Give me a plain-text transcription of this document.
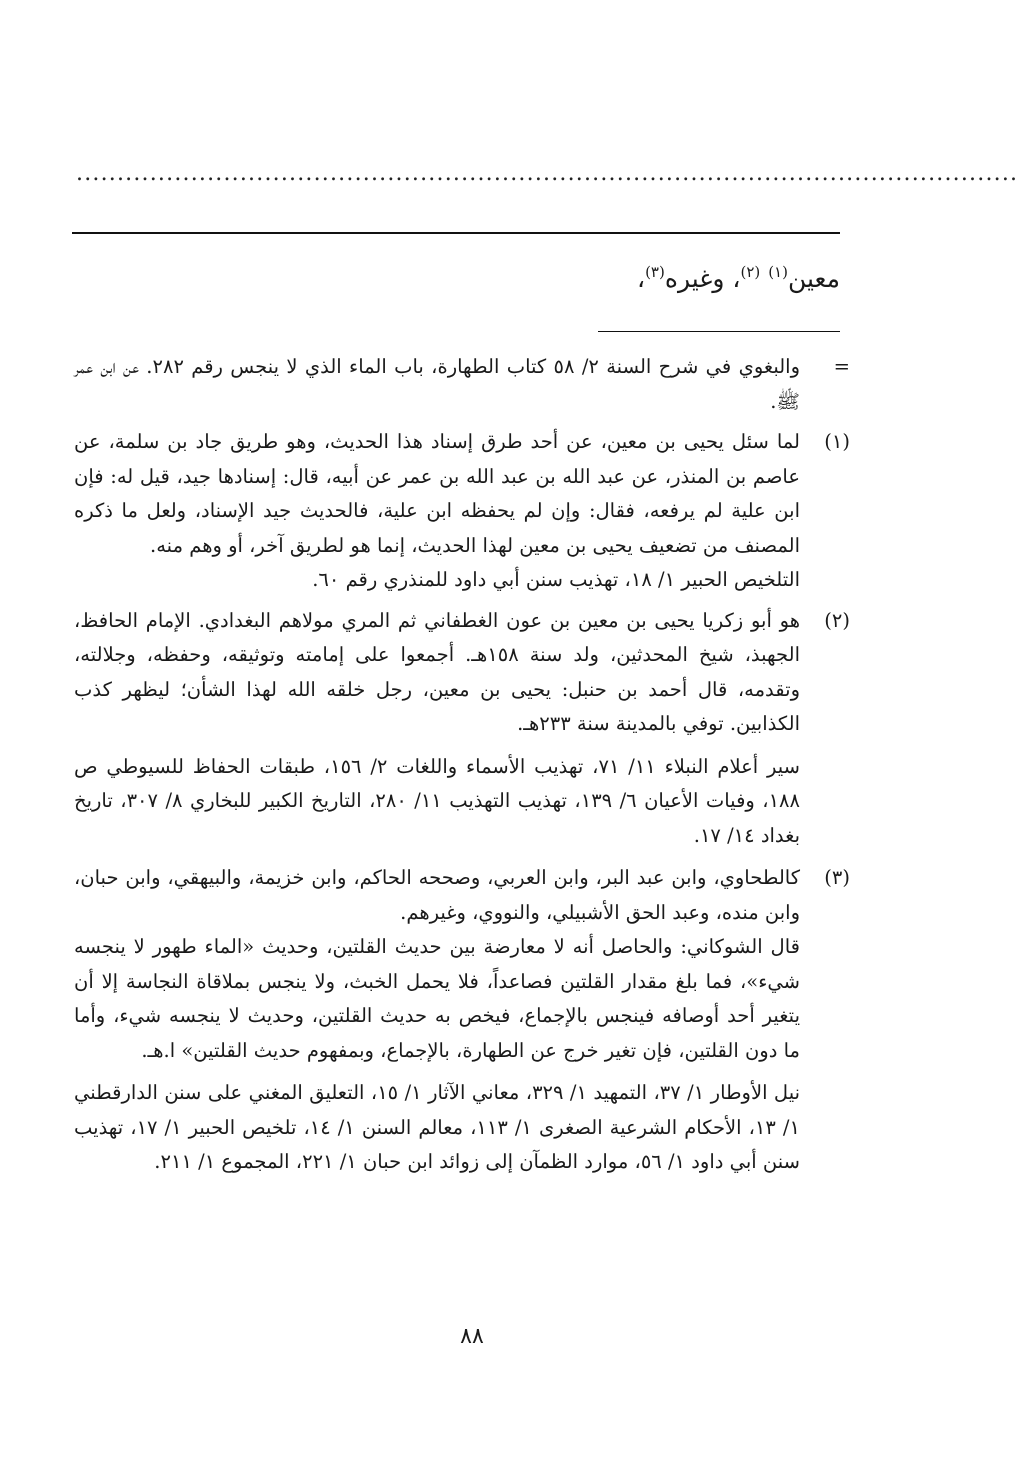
...................................................................................................................
معين$^{(١)}$ $^{(٢)}$، وغيره$^{(٣)}$،
=

والبغوي في شرح السنة ٢/ ٥٨ كتاب الطهارة، باب الماء الذي لا ينجس رقم ٢٨٢. عن ابن عمر ﷺ.

(١)

لما سئل يحيى بن معين، عن أحد طرق إسناد هذا الحديث، وهو طريق جاد بن سلمة، عن عاصم بن المنذر، عن عبد الله بن عبد الله بن عمر عن أبيه، قال: إسنادها جيد، قيل له: فإن ابن علية لم يرفعه، فقال: وإن لم يحفظه ابن علية، فالحديث جيد الإسناد، ولعل ما ذكره المصنف من تضعيف يحيى بن معين لهذا الحديث، إنما هو لطريق آخر، أو وهم منه.

التلخيص الحبير ١/ ١٨، تهذيب سنن أبي داود للمنذري رقم ٦٠.

(٢)

هو أبو زكريا يحيى بن معين بن عون الغطفاني ثم المري مولاهم البغدادي. الإمام الحافظ، الجهبذ، شيخ المحدثين، ولد سنة ١٥٨هـ. أجمعوا على إمامته وتوثيقه، وحفظه، وجلالته، وتقدمه، قال أحمد بن حنبل: يحيى بن معين، رجل خلقه الله لهذا الشأن؛ ليظهر كذب الكذابين. توفي بالمدينة سنة ٢٣٣هـ.

سير أعلام النبلاء ١١/ ٧١، تهذيب الأسماء واللغات ٢/ ١٥٦، طبقات الحفاظ للسيوطي ص ١٨٨، وفيات الأعيان ٦/ ١٣٩، تهذيب التهذيب ١١/ ٢٨٠، التاريخ الكبير للبخاري ٨/ ٣٠٧، تاريخ بغداد ١٤/ ١٧.

(٣)

كالطحاوي، وابن عبد البر، وابن العربي، وصححه الحاكم، وابن خزيمة، والبيهقي، وابن حبان، وابن منده، وعبد الحق الأشبيلي، والنووي، وغيرهم.

قال الشوكاني: والحاصل أنه لا معارضة بين حديث القلتين، وحديث «الماء طهور لا ينجسه شيء»، فما بلغ مقدار القلتين فصاعداً، فلا يحمل الخبث، ولا ينجس بملاقاة النجاسة إلا أن يتغير أحد أوصافه فينجس بالإجماع، فيخص به حديث القلتين، وحديث لا ينجسه شيء، وأما ما دون القلتين، فإن تغير خرج عن الطهارة، بالإجماع، وبمفهوم حديث القلتين» ا.هـ.

نيل الأوطار ١/ ٣٧، التمهيد ١/ ٣٢٩، معاني الآثار ١/ ١٥، التعليق المغني على سنن الدارقطني ١/ ١٣، الأحكام الشرعية الصغرى ١/ ١١٣، معالم السنن ١/ ١٤، تلخيص الحبير ١/ ١٧، تهذيب سنن أبي داود ١/ ٥٦، موارد الظمآن إلى زوائد ابن حبان ١/ ٢٢١، المجموع ١/ ٢١١.

٨٨
